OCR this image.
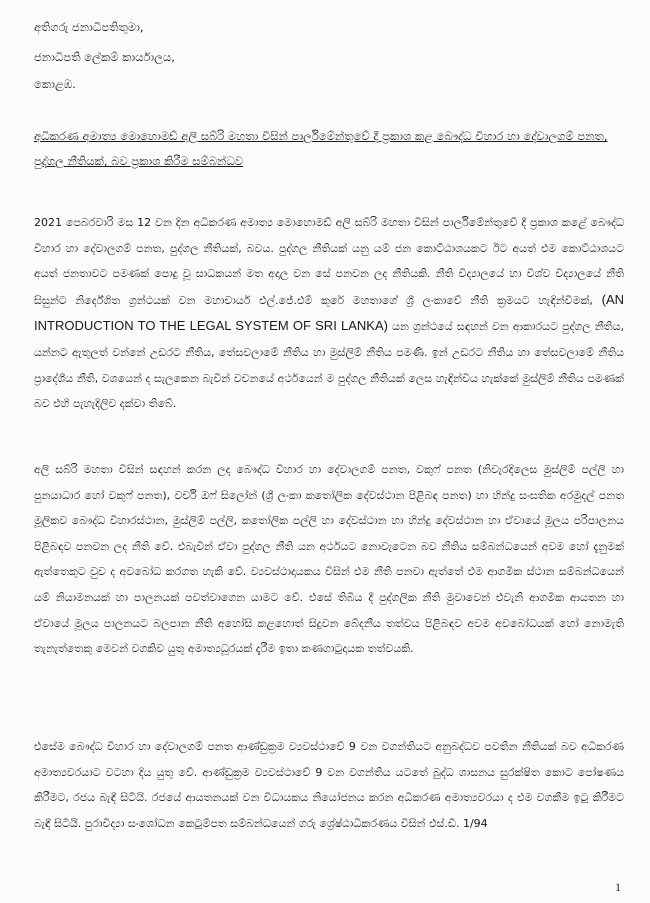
අතිගරු ජනාධිපතිතුමා,
ජනාධිපති ලේකම් කාර්යාලය,
කොළඹ.
අධිකරණ අමාත්‍ය මොහොමඩ් අලි සබ්රි මහතා විසින් පාර්ලිමේන්තුවේ දී ප්‍රකාශ කළ බෞද්ධ විහාර හා දේවාලගම් පනත, පුද්ගල නීතියක්, බව ප්‍රකාශ කිරීම සම්බන්ධව
2021 පෙබරවාරි මස 12 වන දින අධිකරණ අමාත්‍ය මොහොමඩ් අලි සබ්රි මහතා විසින් පාර්ලිමේන්තුවේ දී ප්‍රකාශ කළේ බෞද්ධ විහාර හා දේවාලගම් පනත, පුද්ගල නීතියක්, බවය. පුද්ගල නීතියක් යනු යම් ජන කොට්ඨාශයකට ඊට අයත් එම කොට්ඨාශයට අයත් ජනතාවට පමණක් පොදු වූ සාධකයන් මත අදාල වන සේ පනවන ලද නීතියකි. නීති විද්‍යාලයේ හා විශ්ව විද්‍යාලයේ නීති සිසුන්ට නිර්දේශිත ග්‍රන්ථයක් වන මහාචාර්ය එල්.ජේ.එම් කුරේ මහතාගේ ශ්‍රී ලංකාවේ නීති ක්‍රමයට හැඳින්වීමක්, (AN INTRODUCTION TO THE LEGAL SYSTEM OF SRI LANKA) යන ග්‍රන්ථයේ සඳහන් වන ආකාරයට පුද්ගල නීතිය, යන්නට ඇතුලත් වන්නේ උඩරට නීතිය, තේසවලාමේ නීතිය හා මුස්ලිම් නීතිය පමණි. ඉන් උඩරට නීතිය හා තේසවලාමේ නීතිය ප්‍රාදේශීය නීති, වශයෙන් ද සැලකෙන බැවින් වචනයේ අර්ථයෙන් ම පුද්ගල නීතියක් ලෙස හැඳින්විය හැක්කේ මුස්ලිම් නීතිය පමණක් බව එහි පැහැදිලිව දක්වා තිබේ.
අලි සබ්රි මහතා විසින් සඳහන් කරන ලද බෞද්ධ විහාර හා දේවාලගම් පනත, වකුෆ් පනත (නිවැරදිලෙස මුස්ලිම් පල්ලි හා පුනයාධාර හෝ වකුෆ් පනත), වර්චි ඔෆ් සිලෝන් (ශ්‍රී ලංකා කතෝලික දේවස්ථාන පිළිබඳ පනත) හා හින්දු සංඝතික අරමුදල් පනත මූලිකව බෞද්ධ විහාරස්ථාන, මුස්ලිම් පල්ලි, කතෝලික පල්ලි හා දේවස්ථාන හා හින්දු දේවස්ථාන හා ඒවායේ මූලය පරිපාලනය පිළිබඳව පනවන ලද නීති වේ. එබැවින් ඒවා පුද්ගල නීති යන අර්ථයට නොවැටෙන බව නීතිය සම්බන්ධයෙන් අවම හෝ දැනුමක් ඇත්තෙකුට වුව ද අවබෝධ කරගත හැකි වේ. ව්‍යවස්ථාදායකය විසින් එම නීති පනවා ඇත්තේ එම ආගමික ස්ථාන සම්බන්ධයෙන් යම් නියාමනයක් හා පාලනයක් පවත්වාගෙන යාමට වේ. එසේ තිබිය දී පුද්ගලික නීති මුවාවෙන් එවැනි ආගමික ආයතන හා ඒවායේ මූලය පාලනයට බලපාන නීති අහෝසි කළහොත් සිදුවන බේදනීය තත්වය පිළිබඳව අවම අවබෝධයක් හෝ නොමැති තැනැත්තෙකු මෙවන් වගකිව යුතු අමාත්‍යධූරයක් දැරීම ඉතා කණගාටුදායක තත්වයකි.
එසේම බෞද්ධ විහාර හා දේවාලගම් පනත ආණ්ඩුක්‍රම ව්‍යවස්ථාවේ 9 වන වගන්තියට අනුබද්ධව පවතින නීතියක් බව අධිකරණ අමාත්‍යවරයාට වටහා දිය යුතු වේ. ආණ්ඩුක්‍රම ව්‍යවස්ථාවේ 9 වන වගන්තිය යටතේ බුද්ධ ශාසනය සුරක්ෂිත කොට පෝෂණය කිරීමට, රජය බැඳී සිටියි. රජයේ ආයතනයක් වන විධායකය නියෝජනය කරන අධිකරණ අමාත්‍යවරයා ද එම වගකීම ඉටු කිරීමට බැඳී සිටියි. පුරාවිද්‍යා සංශෝධන කෙටුම්පත සම්බන්ධයෙන් ගරු ශ්‍රේෂ්ඨාධිකරණය විසින් එස්.ඩී. 1/94
1
